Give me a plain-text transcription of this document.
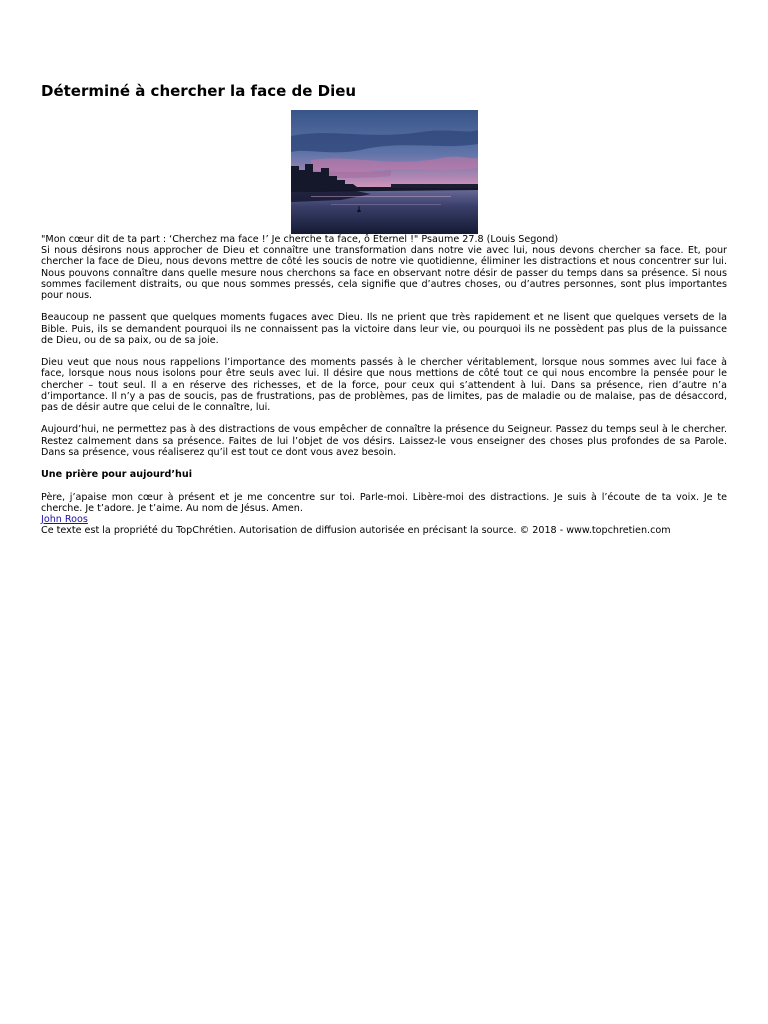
Déterminé à chercher la face de Dieu

"Mon cœur dit de ta part : ‘Cherchez ma face !’ Je cherche ta face, ô Éternel !" Psaume 27.8 (Louis Segond)

Si nous désirons nous approcher de Dieu et connaître une transformation dans notre vie avec lui, nous devons chercher sa face. Et, pour chercher la face de Dieu, nous devons mettre de côté les soucis de notre vie quotidienne, éliminer les distractions et nous concentrer sur lui. Nous pouvons connaître dans quelle mesure nous cherchons sa face en observant notre désir de passer du temps dans sa présence. Si nous sommes facilement distraits, ou que nous sommes pressés, cela signifie que d’autres choses, ou d’autres personnes, sont plus importantes pour nous.

Beaucoup ne passent que quelques moments fugaces avec Dieu. Ils ne prient que très rapidement et ne lisent que quelques versets de la Bible. Puis, ils se demandent pourquoi ils ne connaissent pas la victoire dans leur vie, ou pourquoi ils ne possèdent pas plus de la puissance de Dieu, ou de sa paix, ou de sa joie.

Dieu veut que nous nous rappelions l’importance des moments passés à le chercher véritablement, lorsque nous sommes avec lui face à face, lorsque nous nous isolons pour être seuls avec lui. Il désire que nous mettions de côté tout ce qui nous encombre la pensée pour le chercher – tout seul. Il a en réserve des richesses, et de la force, pour ceux qui s’attendent à lui. Dans sa présence, rien d’autre n’a d’importance. Il n’y a pas de soucis, pas de frustrations, pas de problèmes, pas de limites, pas de maladie ou de malaise, pas de désaccord, pas de désir autre que celui de le connaître, lui.

Aujourd’hui, ne permettez pas à des distractions de vous empêcher de connaître la présence du Seigneur. Passez du temps seul à le chercher. Restez calmement dans sa présence. Faites de lui l’objet de vos désirs. Laissez-le vous enseigner des choses plus profondes de sa Parole. Dans sa présence, vous réaliserez qu’il est tout ce dont vous avez besoin.

Une prière pour aujourd’hui

Père, j’apaise mon cœur à présent et je me concentre sur toi. Parle-moi. Libère-moi des distractions. Je suis à l’écoute de ta voix. Je te cherche. Je t’adore. Je t’aime. Au nom de Jésus. Amen.

John Roos

Ce texte est la propriété du TopChrétien. Autorisation de diffusion autorisée en précisant la source. © 2018 - www.topchretien.com
